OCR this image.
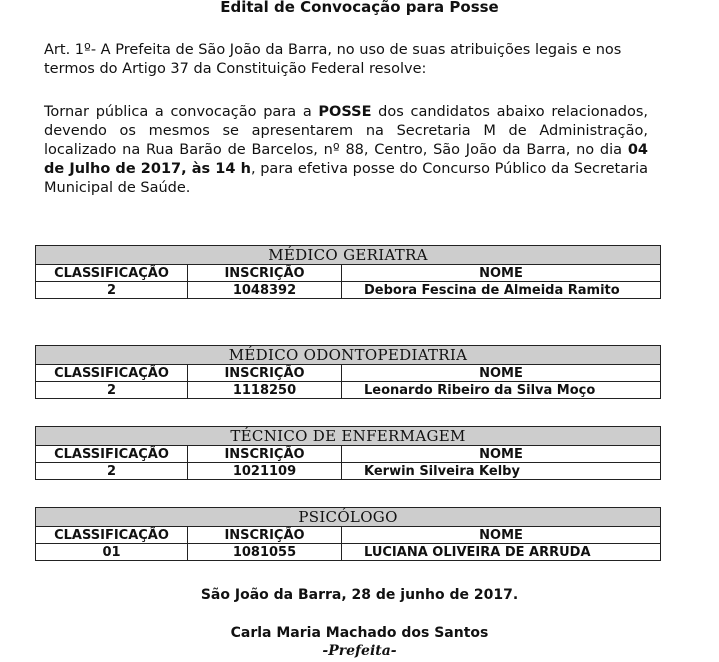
Edital de Convocação para Posse
Art. 1º- A Prefeita de São João da Barra, no uso de suas atribuições legais e nos termos do Artigo 37 da Constituição Federal resolve:
Tornar pública a convocação para a POSSE dos candidatos abaixo relacionados, devendo os mesmos se apresentarem na Secretaria M de Administração, localizado na Rua Barão de Barcelos, nº 88, Centro, São João da Barra, no dia 04 de Julho de 2017, às 14 h, para efetiva posse do Concurso Público da Secretaria Municipal de Saúde.
MÉDICO GERIATRA		
CLASSIFICAÇÃO	INSCRIÇÃO	NOME
2	1048392	Debora Fescina de Almeida Ramito
MÉDICO ODONTOPEDIATRIA		
CLASSIFICAÇÃO	INSCRIÇÃO	NOME
2	1118250	Leonardo Ribeiro da Silva Moço
TÉCNICO DE ENFERMAGEM		
CLASSIFICAÇÃO	INSCRIÇÃO	NOME
2	1021109	Kerwin Silveira Kelby
PSICÓLOGO		
CLASSIFICAÇÃO	INSCRIÇÃO	NOME
01	1081055	LUCIANA OLIVEIRA DE ARRUDA
São João da Barra, 28 de junho de 2017.
Carla Maria Machado dos Santos
-Prefeita-
